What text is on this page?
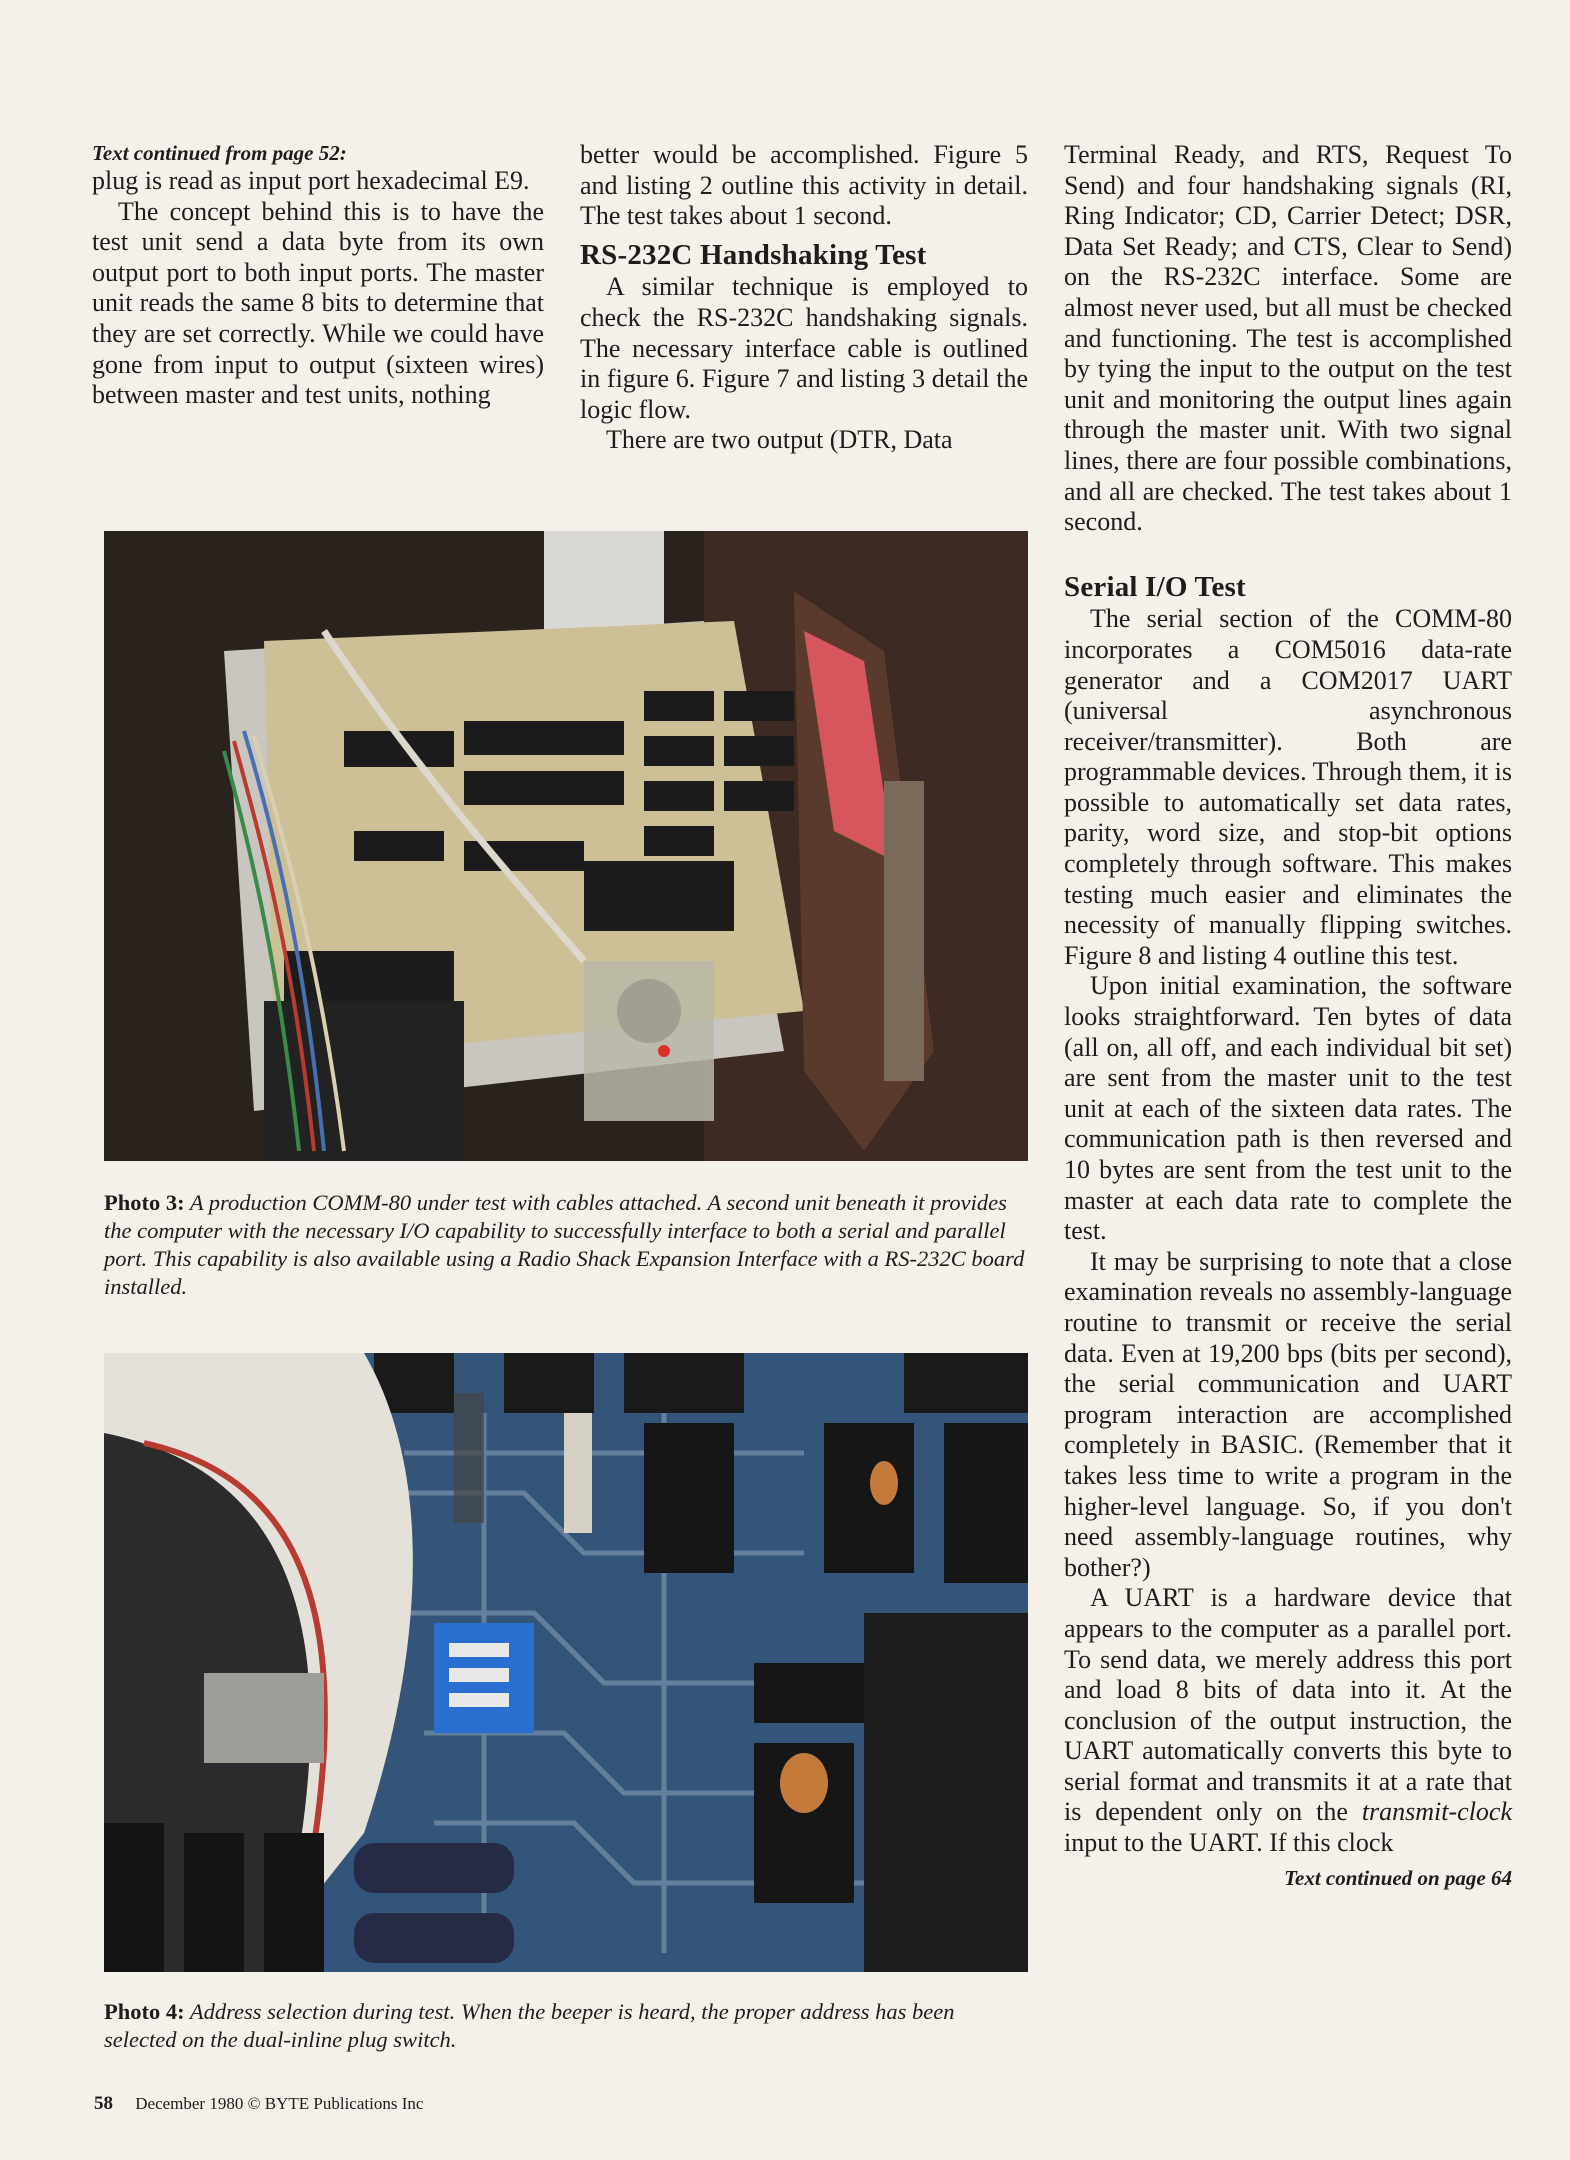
Text continued from page 52:

plug is read as input port hexadecimal E9.

The concept behind this is to have the test unit send a data byte from its own output port to both input ports. The master unit reads the same 8 bits to determine that they are set correctly. While we could have gone from input to output (sixteen wires) between master and test units, nothing

better would be accomplished. Figure 5 and listing 2 outline this activity in detail. The test takes about 1 second.

RS-232C Handshaking Test

A similar technique is employed to check the RS-232C handshaking signals. The necessary interface cable is outlined in figure 6. Figure 7 and listing 3 detail the logic flow.

There are two output (DTR, Data

Terminal Ready, and RTS, Request To Send) and four handshaking signals (RI, Ring Indicator; CD, Carrier Detect; DSR, Data Set Ready; and CTS, Clear to Send) on the RS-232C interface. Some are almost never used, but all must be checked and functioning. The test is accomplished by tying the input to the output on the test unit and monitoring the output lines again through the master unit. With two signal lines, there are four possible combinations, and all are checked. The test takes about 1 second.

Serial I/O Test

The serial section of the COMM-80 incorporates a COM5016 data-rate generator and a COM2017 UART (universal asynchronous receiver/transmitter). Both are programmable devices. Through them, it is possible to automatically set data rates, parity, word size, and stop-bit options completely through software. This makes testing much easier and eliminates the necessity of manually flipping switches. Figure 8 and listing 4 outline this test.

Upon initial examination, the software looks straightforward. Ten bytes of data (all on, all off, and each individual bit set) are sent from the master unit to the test unit at each of the sixteen data rates. The communication path is then reversed and 10 bytes are sent from the test unit to the master at each data rate to complete the test.

It may be surprising to note that a close examination reveals no assembly-language routine to transmit or receive the serial data. Even at 19,200 bps (bits per second), the serial communication and UART program interaction are accomplished completely in BASIC. (Remember that it takes less time to write a program in the higher-level language. So, if you don't need assembly-language routines, why bother?)

A UART is a hardware device that appears to the computer as a parallel port. To send data, we merely address this port and load 8 bits of data into it. At the conclusion of the output instruction, the UART automatically converts this byte to serial format and transmits it at a rate that is dependent only on the transmit-clock input to the UART. If this clock

Text continued on page 64
Photo 3: A production COMM-80 under test with cables attached. A second unit beneath it provides the computer with the necessary I/O capability to successfully interface to both a serial and parallel port. This capability is also available using a Radio Shack Expansion Interface with a RS-232C board installed.
Photo 4: Address selection during test. When the beeper is heard, the proper address has been selected on the dual-inline plug switch.
58 December 1980 © BYTE Publications Inc
